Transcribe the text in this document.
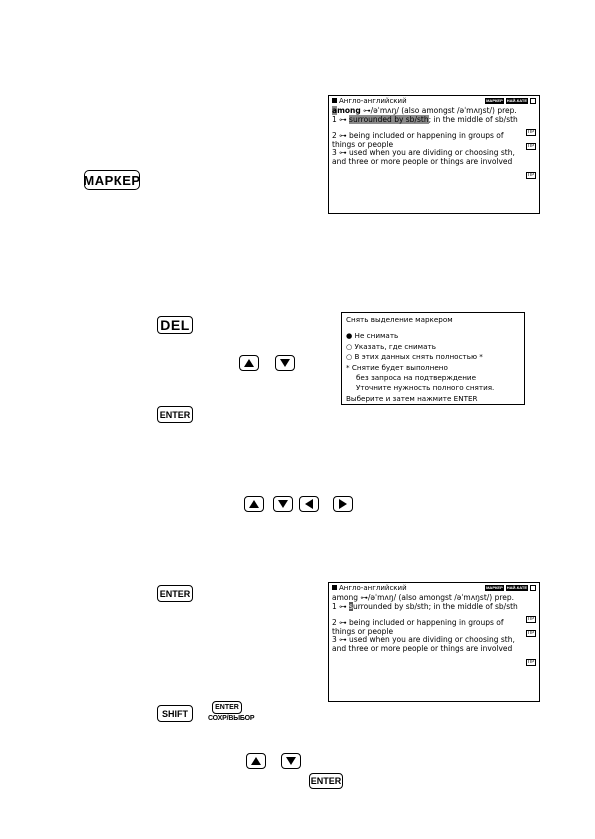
МАРКЕР
Англо-английский	МАРКЕР НАЙ-КАТЕ
among ⊶/əˈmʌŋ/ (also amongst /əˈmʌŋst/) prep.
1 ⊶ surrounded by sb/sth; in the middle of sb/sth
ПР
2 ⊶ being included or happening in groups of
things or people	ПР
3 ⊶ used when you are dividing or choosing sth,
and three or more people or things are involved
ПР
DEL
ENTER
Снять выделение маркером
● Не снимать
○ Указать, где снимать
○ В этих данных снять полностью *
* Снятие будет выполнено
без запроса на подтверждение
Уточните нужность полного снятия.
Выберите и затем нажмите ENTER
ENTER
Англо-английский	МАРКЕР НАЙ-КАТЕ
among ⊶/əˈmʌŋ/ (also amongst /əˈmʌŋst/) prep.
1 ⊶ surrounded by sb/sth; in the middle of sb/sth
ПР
2 ⊶ being included or happening in groups of
things or people	ПР
3 ⊶ used when you are dividing or choosing sth,
and three or more people or things are involved
ПР
SHIFT
ENTER
СОХР/ВЫБОР
ENTER
